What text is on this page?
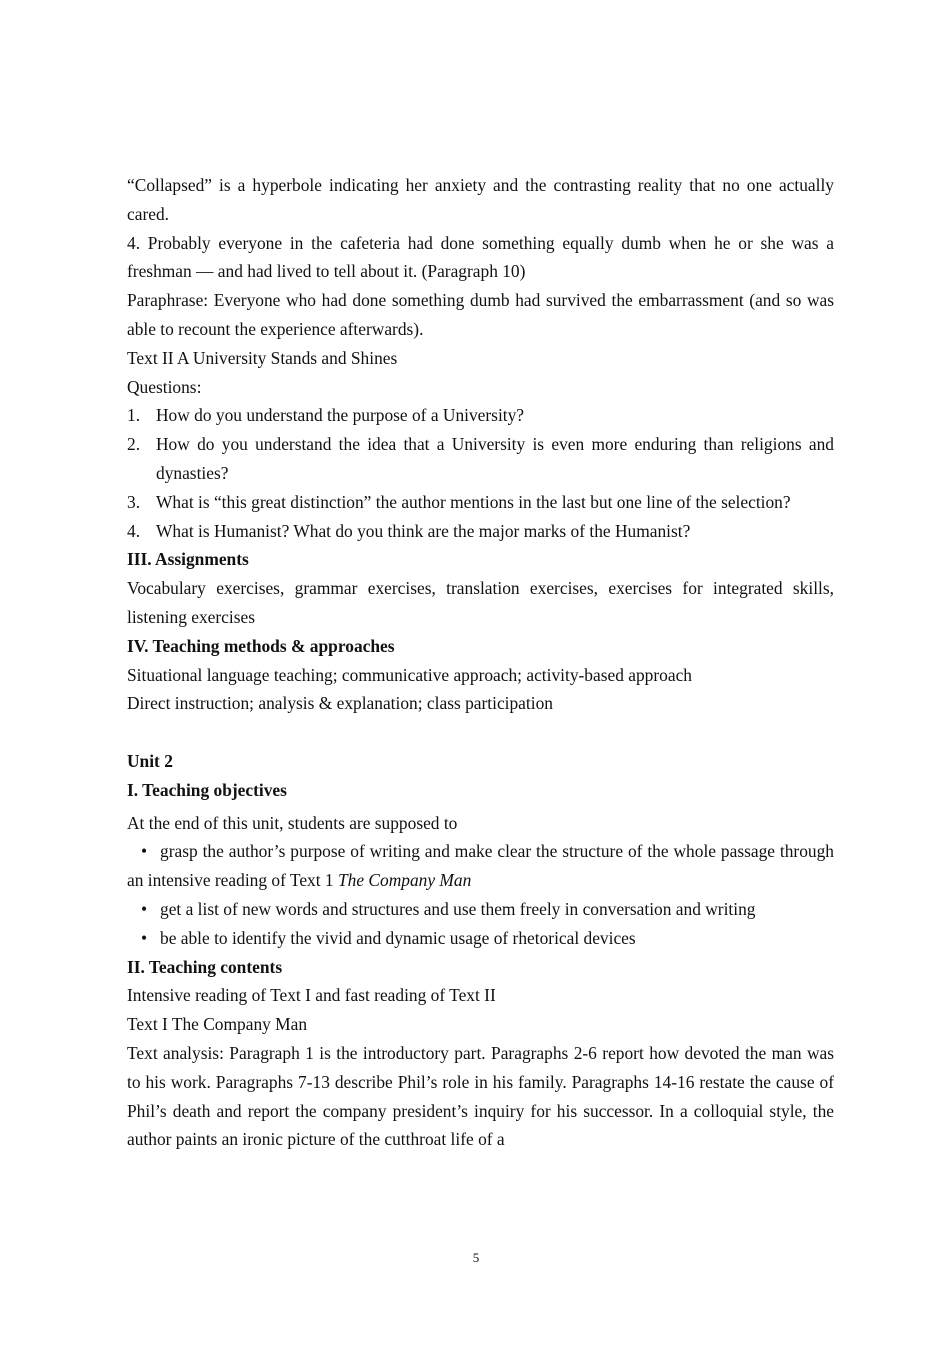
“Collapsed” is a hyperbole indicating her anxiety and the contrasting reality that no one actually cared.

4. Probably everyone in the cafeteria had done something equally dumb when he or she was a freshman — and had lived to tell about it. (Paragraph 10)

Paraphrase: Everyone who had done something dumb had survived the embarrassment (and so was able to recount the experience afterwards).

Text II A University Stands and Shines

Questions:

1. How do you understand the purpose of a University?
2. How do you understand the idea that a University is even more enduring than religions and dynasties?
3. What is “this great distinction” the author mentions in the last but one line of the selection?
4. What is Humanist? What do you think are the major marks of the Humanist?

III. Assignments

Vocabulary exercises, grammar exercises, translation exercises, exercises for integrated skills, listening exercises

IV. Teaching methods & approaches

Situational language teaching; communicative approach; activity-based approach

Direct instruction; analysis & explanation; class participation

Unit 2

I. Teaching objectives

At the end of this unit, students are supposed to

• grasp the author’s purpose of writing and make clear the structure of the whole passage through an intensive reading of Text 1 The Company Man
• get a list of new words and structures and use them freely in conversation and writing
• be able to identify the vivid and dynamic usage of rhetorical devices

II. Teaching contents

Intensive reading of Text I and fast reading of Text II

Text I The Company Man

Text analysis: Paragraph 1 is the introductory part. Paragraphs 2-6 report how devoted the man was to his work. Paragraphs 7-13 describe Phil’s role in his family. Paragraphs 14-16 restate the cause of Phil’s death and report the company president’s inquiry for his successor. In a colloquial style, the author paints an ironic picture of the cutthroat life of a

5
